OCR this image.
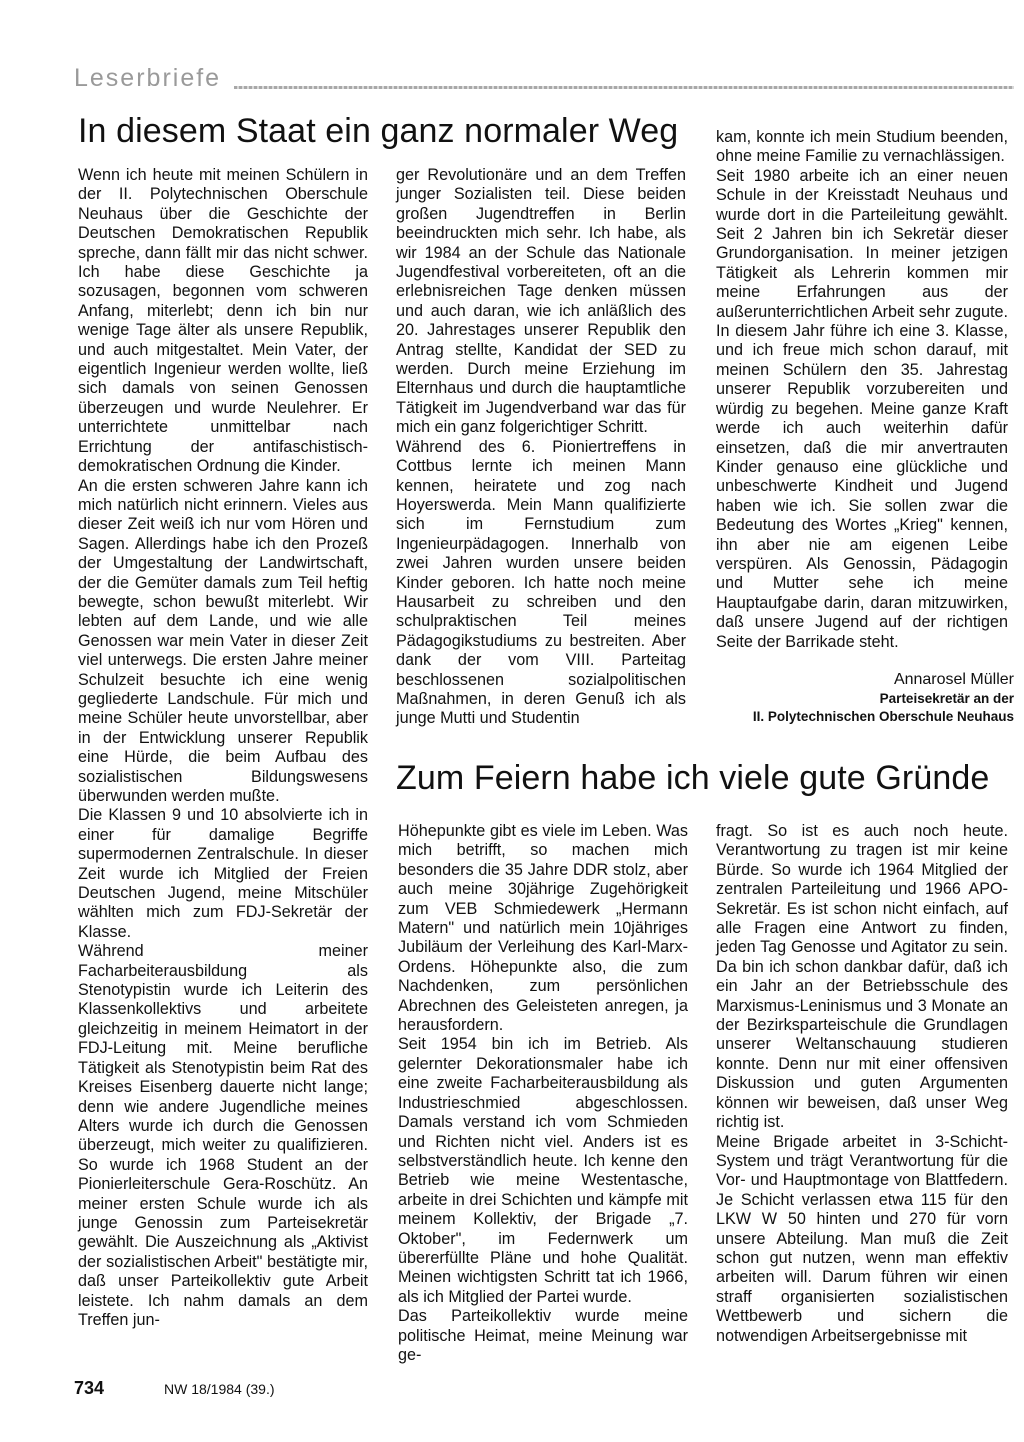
Leserbriefe
In diesem Staat ein ganz normaler Weg

Wenn ich heute mit meinen Schülern in der II. Polytechnischen Oberschule Neuhaus über die Geschichte der Deutschen Demokratischen Republik spreche, dann fällt mir das nicht schwer. Ich habe diese Geschichte ja sozusagen, begonnen vom schweren Anfang, miterlebt; denn ich bin nur wenige Tage älter als unsere Republik, und auch mitgestaltet. Mein Vater, der eigentlich Ingenieur werden wollte, ließ sich damals von seinen Genossen überzeugen und wurde Neulehrer. Er unterrichtete unmittelbar nach Errichtung der antifaschistisch-demokratischen Ordnung die Kinder.

An die ersten schweren Jahre kann ich mich natürlich nicht erinnern. Vieles aus dieser Zeit weiß ich nur vom Hören und Sagen. Allerdings habe ich den Prozeß der Umgestaltung der Landwirtschaft, der die Gemüter damals zum Teil heftig bewegte, schon bewußt miterlebt. Wir lebten auf dem Lande, und wie alle Genossen war mein Vater in dieser Zeit viel unterwegs. Die ersten Jahre meiner Schulzeit besuchte ich eine wenig gegliederte Landschule. Für mich und meine Schüler heute unvorstellbar, aber in der Entwicklung unserer Republik eine Hürde, die beim Aufbau des sozialistischen Bildungswesens überwunden werden mußte.

Die Klassen 9 und 10 absolvierte ich in einer für damalige Begriffe supermodernen Zentralschule. In dieser Zeit wurde ich Mitglied der Freien Deutschen Jugend, meine Mitschüler wählten mich zum FDJ-Sekretär der Klasse.

Während meiner Facharbeiterausbildung als Stenotypistin wurde ich Leiterin des Klassenkollektivs und arbeitete gleichzeitig in meinem Heimatort in der FDJ-Leitung mit. Meine berufliche Tätigkeit als Stenotypistin beim Rat des Kreises Eisenberg dauerte nicht lange; denn wie andere Jugendliche meines Alters wurde ich durch die Genossen überzeugt, mich weiter zu qualifizieren. So wurde ich 1968 Student an der Pionierleiterschule Gera-Roschütz. An meiner ersten Schule wurde ich als junge Genossin zum Parteisekretär gewählt. Die Auszeichnung als „Aktivist der sozialistischen Arbeit" bestätigte mir, daß unser Parteikollektiv gute Arbeit leistete. Ich nahm damals an dem Treffen jun-

ger Revolutionäre und an dem Treffen junger Sozialisten teil. Diese beiden großen Jugendtreffen in Berlin beeindruckten mich sehr. Ich habe, als wir 1984 an der Schule das Nationale Jugendfestival vorbereiteten, oft an die erlebnisreichen Tage denken müssen und auch daran, wie ich anläßlich des 20. Jahrestages unserer Republik den Antrag stellte, Kandidat der SED zu werden. Durch meine Erziehung im Elternhaus und durch die hauptamtliche Tätigkeit im Jugendverband war das für mich ein ganz folgerichtiger Schritt.

Während des 6. Pioniertreffens in Cottbus lernte ich meinen Mann kennen, heiratete und zog nach Hoyerswerda. Mein Mann qualifizierte sich im Fernstudium zum Ingenieurpädagogen. Innerhalb von zwei Jahren wurden unsere beiden Kinder geboren. Ich hatte noch meine Hausarbeit zu schreiben und den schulpraktischen Teil meines Pädagogikstudiums zu bestreiten. Aber dank der vom VIII. Parteitag beschlossenen sozialpolitischen Maßnahmen, in deren Genuß ich als junge Mutti und Studentin

kam, konnte ich mein Studium beenden, ohne meine Familie zu vernachlässigen.

Seit 1980 arbeite ich an einer neuen Schule in der Kreisstadt Neuhaus und wurde dort in die Parteileitung gewählt. Seit 2 Jahren bin ich Sekretär dieser Grundorganisation. In meiner jetzigen Tätigkeit als Lehrerin kommen mir meine Erfahrungen aus der außerunterrichtlichen Arbeit sehr zugute. In diesem Jahr führe ich eine 3. Klasse, und ich freue mich schon darauf, mit meinen Schülern den 35. Jahrestag unserer Republik vorzubereiten und würdig zu begehen. Meine ganze Kraft werde ich auch weiterhin dafür einsetzen, daß die mir anvertrauten Kinder genauso eine glückliche und unbeschwerte Kindheit und Jugend haben wie ich. Sie sollen zwar die Bedeutung des Wortes „Krieg" kennen, ihn aber nie am eigenen Leibe verspüren. Als Genossin, Pädagogin und Mutter sehe ich meine Hauptaufgabe darin, daran mitzuwirken, daß unsere Jugend auf der richtigen Seite der Barrikade steht.

Annarosel Müller
Parteisekretär an der
II. Polytechnischen Oberschule Neuhaus
Zum Feiern habe ich viele gute Gründe

Höhepunkte gibt es viele im Leben. Was mich betrifft, so machen mich besonders die 35 Jahre DDR stolz, aber auch meine 30jährige Zugehörigkeit zum VEB Schmiedewerk „Hermann Matern" und natürlich mein 10jähriges Jubiläum der Verleihung des Karl-Marx-Ordens. Höhepunkte also, die zum Nachdenken, zum persönlichen Abrechnen des Geleisteten anregen, ja herausfordern.

Seit 1954 bin ich im Betrieb. Als gelernter Dekorationsmaler habe ich eine zweite Facharbeiterausbildung als Industrieschmied abgeschlossen. Damals verstand ich vom Schmieden und Richten nicht viel. Anders ist es selbstverständlich heute. Ich kenne den Betrieb wie meine Westentasche, arbeite in drei Schichten und kämpfe mit meinem Kollektiv, der Brigade „7. Oktober", im Federnwerk um übererfüllte Pläne und hohe Qualität. Meinen wichtigsten Schritt tat ich 1966, als ich Mitglied der Partei wurde.

Das Parteikollektiv wurde meine politische Heimat, meine Meinung war ge-

fragt. So ist es auch noch heute. Verantwortung zu tragen ist mir keine Bürde. So wurde ich 1964 Mitglied der zentralen Parteileitung und 1966 APO-Sekretär. Es ist schon nicht einfach, auf alle Fragen eine Antwort zu finden, jeden Tag Genosse und Agitator zu sein. Da bin ich schon dankbar dafür, daß ich ein Jahr an der Betriebsschule des Marxismus-Leninismus und 3 Monate an der Bezirksparteischule die Grundlagen unserer Weltanschauung studieren konnte. Denn nur mit einer offensiven Diskussion und guten Argumenten können wir beweisen, daß unser Weg richtig ist.

Meine Brigade arbeitet in 3-Schicht-System und trägt Verantwortung für die Vor- und Hauptmontage von Blattfedern. Je Schicht verlassen etwa 115 für den LKW W 50 hinten und 270 für vorn unsere Abteilung. Man muß die Zeit schon gut nutzen, wenn man effektiv arbeiten will. Darum führen wir einen straff organisierten sozialistischen Wettbewerb und sichern die notwendigen Arbeitsergebnisse mit

734	NW 18/1984 (39.)
